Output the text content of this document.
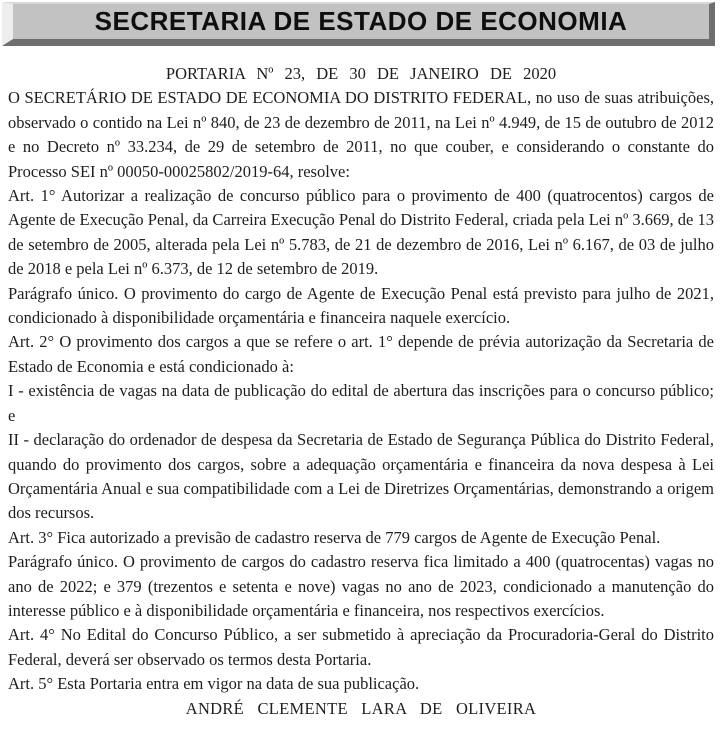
SECRETARIA DE ESTADO DE ECONOMIA

PORTARIA Nº 23, DE 30 DE JANEIRO DE 2020

O SECRETÁRIO DE ESTADO DE ECONOMIA DO DISTRITO FEDERAL, no uso de suas atribuições, observado o contido na Lei nº 840, de 23 de dezembro de 2011, na Lei nº 4.949, de 15 de outubro de 2012 e no Decreto nº 33.234, de 29 de setembro de 2011, no que couber, e considerando o constante do Processo SEI nº 00050-00025802/2019-64, resolve:

Art. 1° Autorizar a realização de concurso público para o provimento de 400 (quatrocentos) cargos de Agente de Execução Penal, da Carreira Execução Penal do Distrito Federal, criada pela Lei nº 3.669, de 13 de setembro de 2005, alterada pela Lei nº 5.783, de 21 de dezembro de 2016, Lei nº 6.167, de 03 de julho de 2018 e pela Lei nº 6.373, de 12 de setembro de 2019.

Parágrafo único. O provimento do cargo de Agente de Execução Penal está previsto para julho de 2021, condicionado à disponibilidade orçamentária e financeira naquele exercício.

Art. 2° O provimento dos cargos a que se refere o art. 1° depende de prévia autorização da Secretaria de Estado de Economia e está condicionado à:

I - existência de vagas na data de publicação do edital de abertura das inscrições para o concurso público; e

II - declaração do ordenador de despesa da Secretaria de Estado de Segurança Pública do Distrito Federal, quando do provimento dos cargos, sobre a adequação orçamentária e financeira da nova despesa à Lei Orçamentária Anual e sua compatibilidade com a Lei de Diretrizes Orçamentárias, demonstrando a origem dos recursos.

Art. 3° Fica autorizado a previsão de cadastro reserva de 779 cargos de Agente de Execução Penal.

Parágrafo único. O provimento de cargos do cadastro reserva fica limitado a 400 (quatrocentas) vagas no ano de 2022; e 379 (trezentos e setenta e nove) vagas no ano de 2023, condicionado a manutenção do interesse público e à disponibilidade orçamentária e financeira, nos respectivos exercícios.

Art. 4° No Edital do Concurso Público, a ser submetido à apreciação da Procuradoria-Geral do Distrito Federal, deverá ser observado os termos desta Portaria.

Art. 5° Esta Portaria entra em vigor na data de sua publicação.

ANDRÉ CLEMENTE LARA DE OLIVEIRA
